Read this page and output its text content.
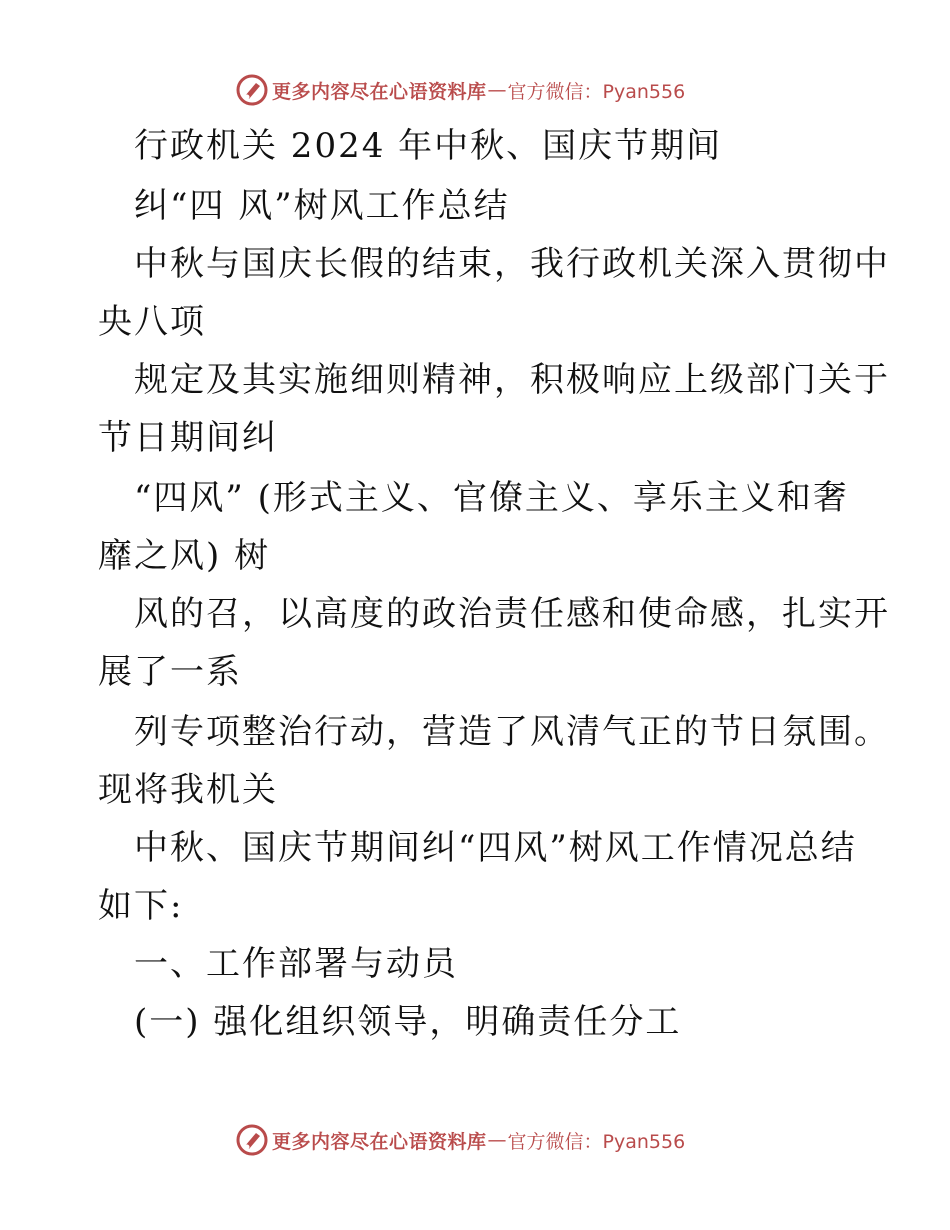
更多内容尽在心语资料库 — 官方微信：Pyan556
行政机关 2024 年中秋、国庆节期间
纠“四 风”树风工作总结
中秋与国庆长假的结束，我行政机关深入贯彻中
央八项
规定及其实施细则精神，积极响应上级部门关于
节日期间纠
“四风” (形式主义、官僚主义、享乐主义和奢
靡之风) 树
风的召，以高度的政治责任感和使命感，扎实开
展了一系
列专项整治行动，营造了风清气正的节日氛围。
现将我机关
中秋、国庆节期间纠“四风”树风工作情况总结
如下:
一、工作部署与动员
(一) 强化组织领导，明确责任分工
更多内容尽在心语资料库 — 官方微信：Pyan556
